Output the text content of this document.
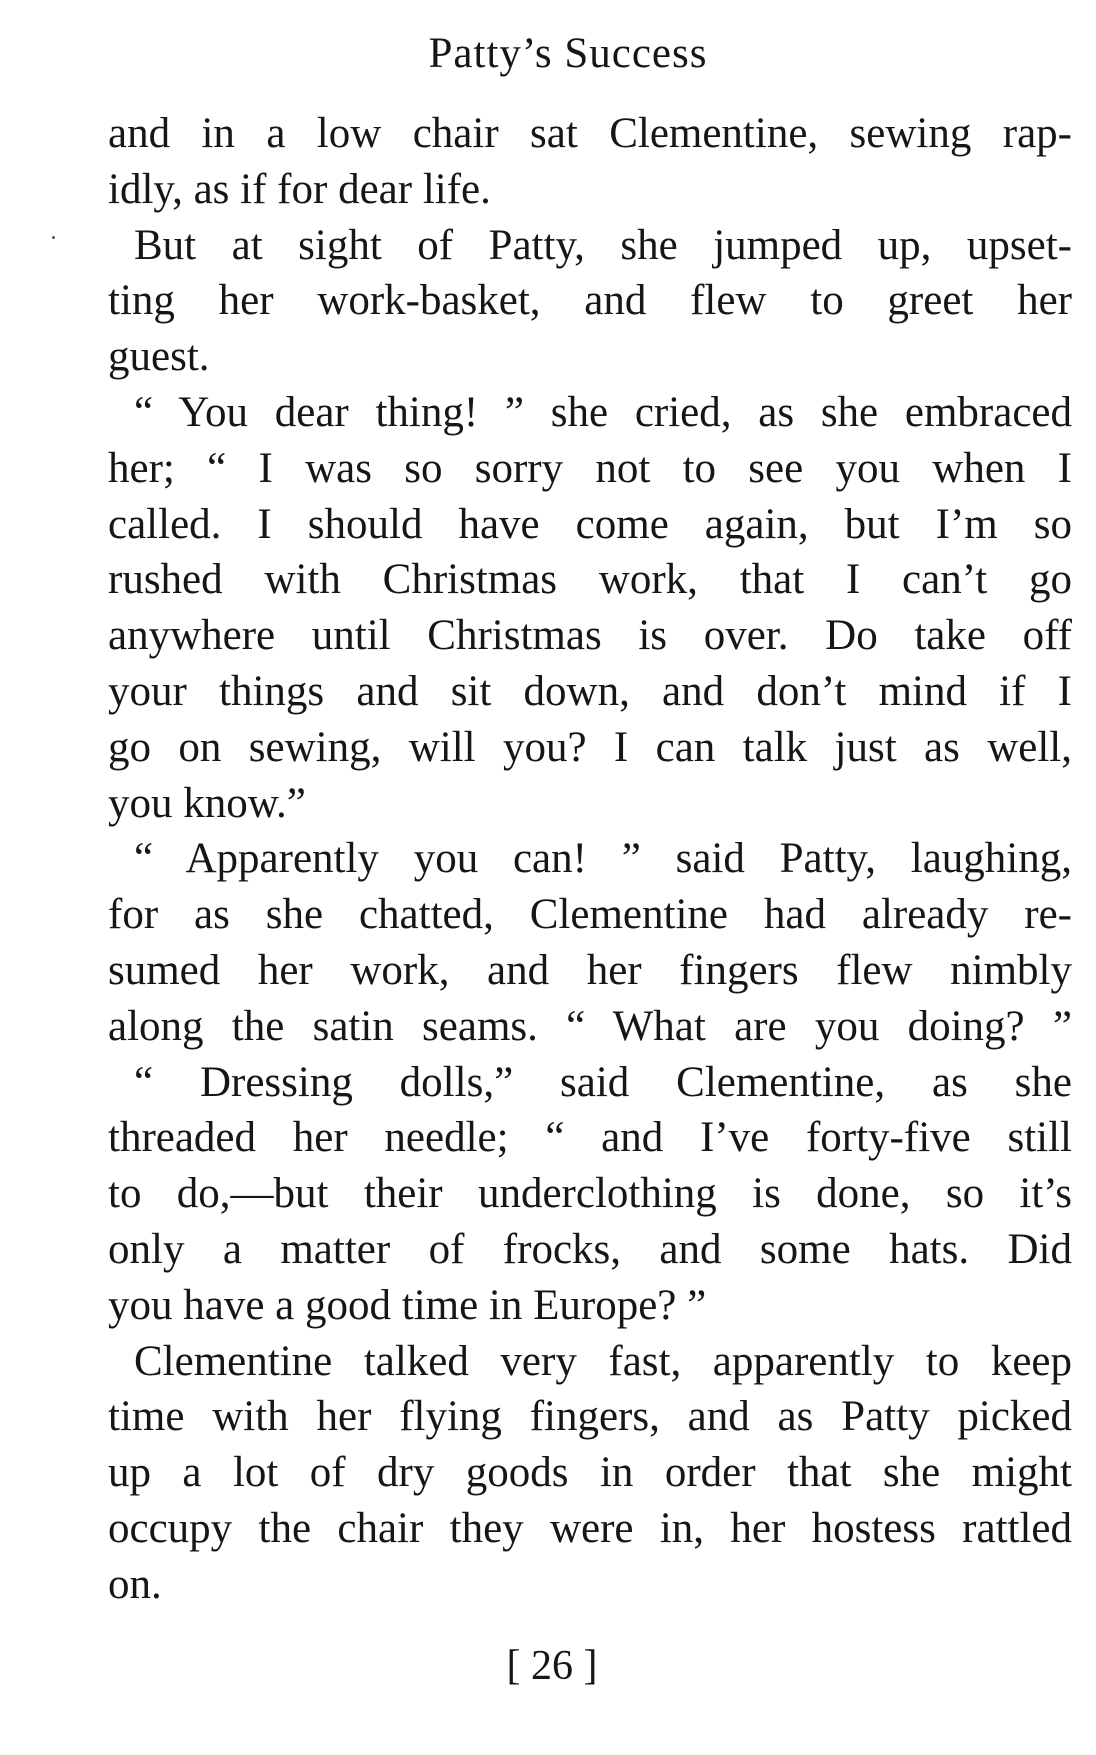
Patty’s Success
and in a low chair sat Clementine, sewing rap-
idly, as if for dear life.
But at sight of Patty, she jumped up, upset-
ting her work-basket, and flew to greet her
guest.
“ You dear thing! ” she cried, as she embraced
her; “ I was so sorry not to see you when I
called. I should have come again, but I’m so
rushed with Christmas work, that I can’t go
anywhere until Christmas is over. Do take off
your things and sit down, and don’t mind if I
go on sewing, will you? I can talk just as well,
you know.”
“ Apparently you can! ” said Patty, laughing,
for as she chatted, Clementine had already re-
sumed her work, and her fingers flew nimbly
along the satin seams. “ What are you doing? ”
“ Dressing dolls,” said Clementine, as she
threaded her needle; “ and I’ve forty-five still
to do,—but their underclothing is done, so it’s
only a matter of frocks, and some hats. Did
you have a good time in Europe? ”
Clementine talked very fast, apparently to keep
time with her flying fingers, and as Patty picked
up a lot of dry goods in order that she might
occupy the chair they were in, her hostess rattled
on.
[ 26 ]
